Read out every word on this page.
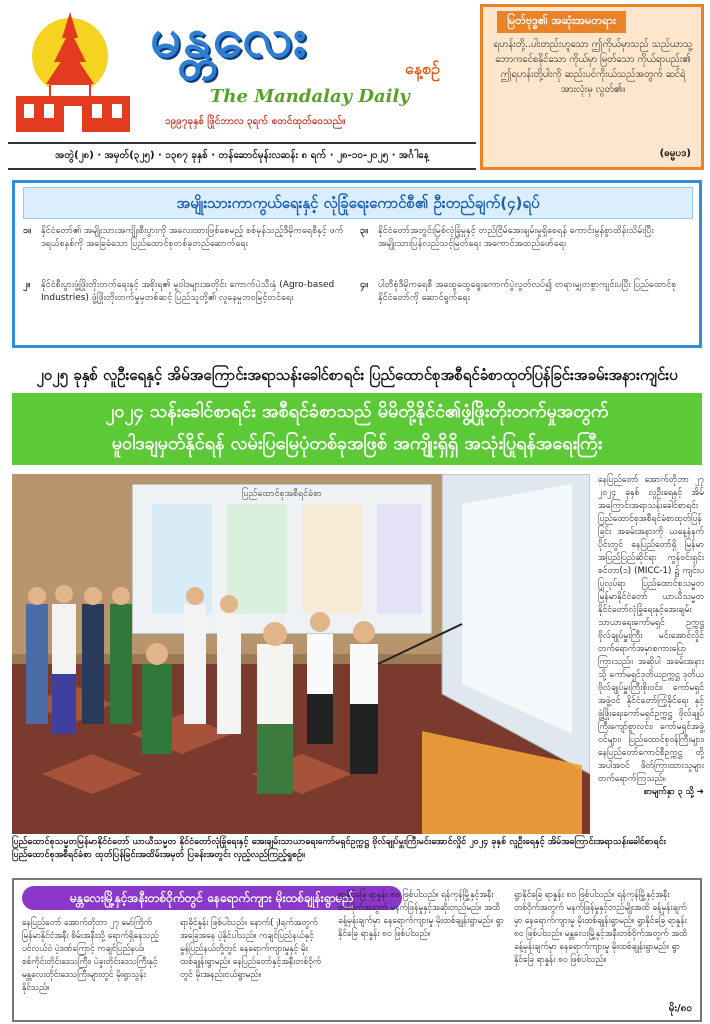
မန္တလေး	နေ့စဉ်
The Mandalay Daily
၁၉၉၇ခုနှစ် ဖြိုင်ဘာလ ၃ရက် စတင်ထုတ်ဝေသည်။
မြတ်ဗုဒ္ဓ၏ အဆုံးအမတရား
ရဟန်းတို့..ပါးတည်းဟူသော ဤကိုယ်မှာသည် သည်ယာသူ့ ဘောကင်ေစနိုင်သော ကိုယ်မှာ မြတ်သော ကိုယ်ရာပည်း၏ ဤရဟန်းတို့ပါးကို ဆည်းပင်ကိုးယ်သည်အတွက် ဆင်ရဲအားလုံးမှ လွတ်၏။
(ဓမ္မပဒ)
အတွဲ(၂၈) · အမှတ်(၃၂၅) · ၁၃၈၇ ခုနှစ် · တန်ဆောင်မုန်းလဆန်း ၈ ရက် · ၂၈-၁၀-၂၀၂၅ · အင်္ဂါနေ့
အမျိုးသားကာကွယ်ရေးနှင့် လုံခြုံရေးကောင်စီ၏ ဦးတည်ချက်(၄)ရပ်
၁။ နိုင်ငံတော်၏ အမျိုးသားအကျိုးစီးပွားကို အလေးထားဖြစ်စေမည့် စစ်မှန်သည့်ဒီမိုကရေစီနှင့် ဖက်ဒရယ်စနစ်ကို အခြေခံသော ပြည်ထောင်စုတစ်ခုတည်ဆောက်ရေး
၂။ နိုင်ငံစီးပွားဖွံ့ဖြိုးတိုးတက်ရေးနှင့် အစိုးရ၏ မူဝါဒများအတိုင်း ကောက်ပဲသီးနှံ (Agro-based Industries) ဖွံ့ဖြိုးတိုးတက်မှုမှတစ်ဆင့် ပြည်သူတို့၏ လူနေမှုဘဝမြင့်တင်ရေး
၃။ နိုင်ငံတော်အတွင်းမြစ်လုံခြုံမှုနှင့် တည်ငြိမ်အေးချမ်းမှုရှိစေရန် ကောင်းမွန်စွာထိန်းသိမ်းပြီး အမျိုးသားပြန်လည်သင့်မြတ်ရေး အကောင်အထည်ဖော်ရေး
၄။ ပါတီစုံဒီမိုကရေစီ အထွေထွေရွေးကောက်ပွဲလွတ်လပ်၍ တရားမျှတစွာကျင်းပပြီး ပြည်ထောင်စုနိုင်ငံတော်ကို ဆောင်ရွက်ရေး
၂၀၂၅ ခုနှစ် လူဦးရေနှင့် အိမ်အကြောင်းအရာသန်းခေါင်စာရင်း ပြည်ထောင်စုအစီရင်ခံစာထုတ်ပြန်ခြင်းအခမ်းအနားကျင်းပ
၂၀၂၄ သန်းခေါင်စာရင်း အစီရင်ခံစာသည် မိမိတို့နိုင်ငံ၏ဖွံ့ဖြိုးတိုးတက်မှုအတွက်
မူဝါဒချမှတ်နိုင်ရန် လမ်းပြမြေပုံတစ်ခုအဖြစ် အကျိုးရှိရှိ အသုံးပြုရန်အရေးကြီး
ပြည်ထောင်စုအစီရင်ခံစာ
ပြည်ထောင်စုသမ္မတမြန်မာနိုင်ငံတော် ယာယီသမ္မတ နိုင်ငံတော်လုံခြုံရေးနှင့် အေးချမ်းသာယာရေးကော်မရှင်ဥက္ကဋ္ဌ ဗိုလ်ချုပ်မှူးကြီးမင်းအောင်လှိုင် ၂၀၂၄ ခုနှစ် လူဦးရေနှင့် အိမ်အကြောင်းအရာသန်းခေါင်စာရင်း ပြည်ထောင်စုအစီရင်ခံစာ ထုတ်ပြန်ခြင်းအထိမ်းအမှတ် ပြခန်းအတွင်း လှည့်လည်ကြည့်ရှုစဉ်။
နေပြည်တော် အောက်တိုဘာ ၂၇ ၂၀၂၄ ခုနှစ် လူဦးရေနှင့် အိမ်အကြောင်းအရာသန်းခေါင်စာရင်း ပြည်ထောင်စုအစီရင်ခံစာထုတ်ပြန်ခြင်း အခမ်းအနားကို ယနေ့နံနက် ပိုင်းတွင် နေပြည်တော်ရှိ မြန်မာ အပြည်ပြည်ဆိုင်ရာ ကွန်ဗင်းရှင်း စင်တာ(၁) (MICC-1) ၌ ကျင်းပ ပြုလုပ်ရာ ပြည်ထောင်စုသမ္မတမြန်မာနိုင်ငံတော် ယာယီသမ္မတ နိုင်ငံတော်လုံခြုံရေးနှင့်အေးချမ်းသာယာရေးကော်မရှင် ဥက္ကဋ္ဌ ဗိုလ်ချုပ်မှူးကြီး မင်းအောင်လှိုင် တက်ရောက်အမှာစကားပြောကြားသည်။ အဆိုပါ အခမ်းအနားသို့ ကော်မရှင်ဒုတိယဥက္ကဋ္ဌ ဒုတိယ ဗိုလ်ချုပ်မှူးကြီးစိုးဝင်း၊ ကော်မရှင် အဖွဲ့ဝင် နိုင်ငံတော်ကြံ့ခိုင်ရေး နှင့် ဖွံ့ဖြိုးရေးကော်မရှင်ဥက္ကဋ္ဌ ဗိုလ်ချုပ်ကြီးကျော်စွာလင်း၊ ကော်မရှင်အဖွဲ့ဝင်များ၊ ပြည်ထောင်စုဝန်ကြီးများ၊ နေပြည်တော်ကောင်စီဥက္ကဋ္ဌ တို့အပါအဝင် ဖိတ်ကြားထားသူများ တက်ရောက်ကြသည်။
စာမျက်နှာ ၃ သို့ ➜
မန္တလေးမြို့နှင့်အနီးတစ်ဝိုက်တွင် နေရောက်ကျား မိုးထစ်ချုန်းရွာမည်
နေပြည်တော် အောက်တိုဘာ ၂၇ မော်ကြိုက်မြန်မာနိုင်ငံအနီး စိမ်းအနီးသို့ ရောက်ရှိနေသည့် ပင်လယ်ဝဲ ပဲ့ဒဏ်ကြောင့် ကချင်ပြည်နယ်၊ စစ်ကိုင်းတိုင်းဒေသကြီး၊ ပဲခူးတိုင်းဒေသကြီးနှင့် မန္တလေးတိုင်းဒေသကြီးများတွင် မိုးရွာသွန်းနိုင်သည်။
ရာခိုင်နှုန်း ဖြစ်ပါသည်။ နောက်(၂)ရက်အတွက် အခြေအနေ ပဲ့နိုင်ပါသည်။ ကချင်ပြည်နယ်နှင့် မွန်ပြည်နယ်တို့တွင် နေရောက်ကျားမှုနှင့် မိုးထစ်ချုန်းရွာမည်။ နေပြည်တော်နှင့်အနီးတစ်ဝိုက်တွင် မိုးအနည်းငယ်ရွာမည်။
ရွာနိုင်ခြေ ရာနှုန်း ၈၀ ဖြစ်ပါသည်။ ရန်ကုန်မြို့နှင့်အနီးတစ်ဝိုက်အတွက် မနက်ဖြန်မှုနှင့်အဆိုးတည်မည်။ အထိ ခန့်မှန်းချက်မှာ နေရောက်ကျားမှု မိုးထစ်ချုန်းရွာမည်။ ရွာနိုင်ခြေ ရာနှုန်း ၈၀ ဖြစ်ပါသည်။
ရွာနိုင်ခြေ ရာနှုန်း ၈၀ ဖြစ်ပါသည်။ ရန်ကုန်မြို့နှင့်အနီးတစ်ဝိုက်အတွက် မနက်ဖြန်မှုနှင့်တည်မျိုးအထိ ခန့်မှန်းချက်မှာ နေရောက်ကျားမှု မိုးထစ်ချုန်းရွာမည်။ ရွာနိုင်ခြေ ရာနှုန်း ၈၀ ဖြစ်ပါသည်။ မန္တလေးမြို့နှင့်အနီးတစ်ဝိုက်အတွက် အထိ ခန့်မှန်းချက်မှာ နေရောက်ကျားမှု မိုးထစ်ချုန်းရွာမည်။ ရွာနိုင်ခြေ ရာနှုန်း ၈၀ ဖြစ်ပါသည်။
မိုး/၈၀
